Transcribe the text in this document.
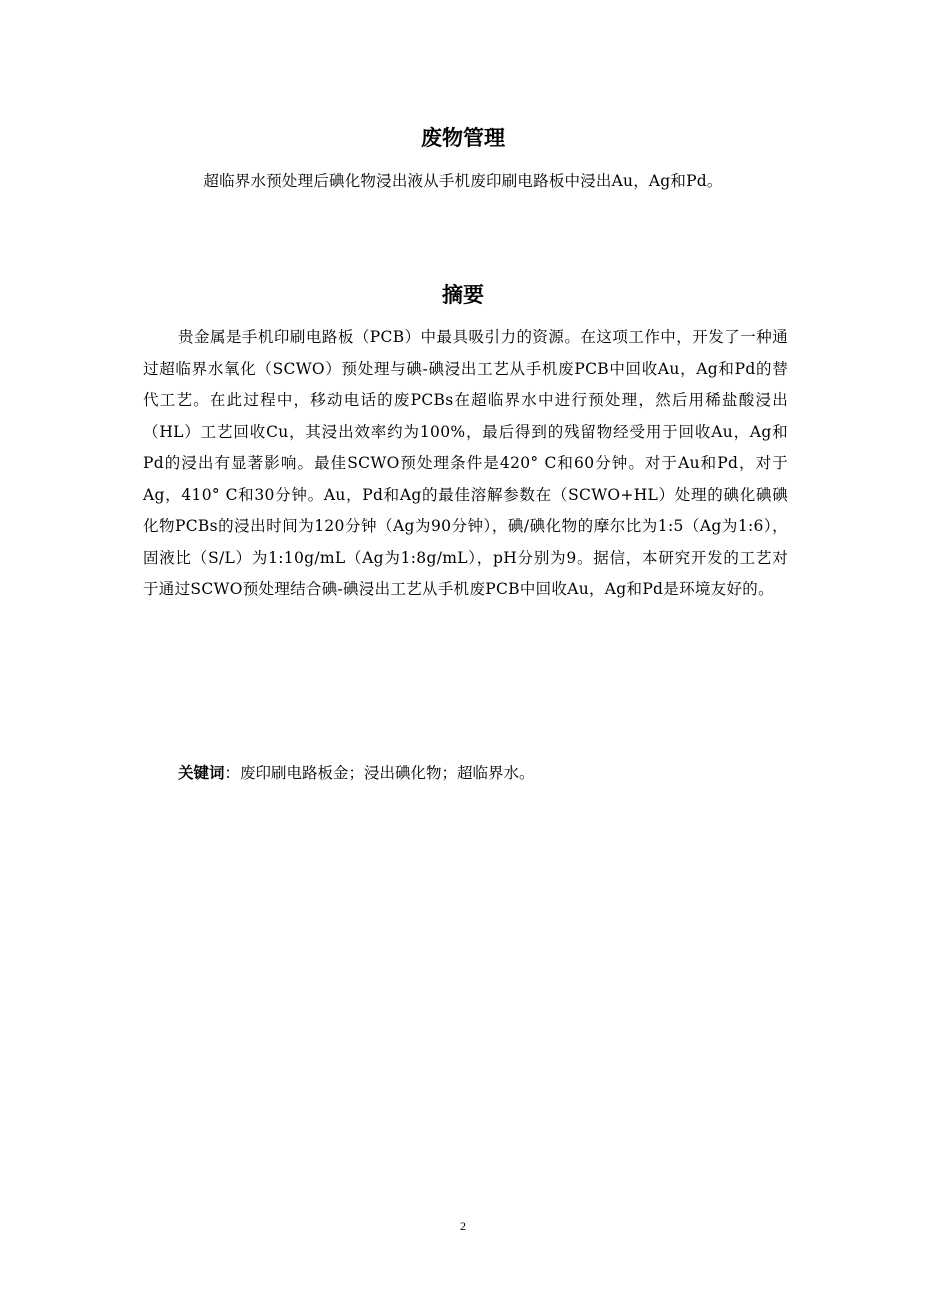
废物管理
超临界水预处理后碘化物浸出液从手机废印刷电路板中浸出Au，Ag和Pd。
摘要

贵金属是手机印刷电路板（PCB）中最具吸引力的资源。在这项工作中，开发了一种通过超临界水氧化（SCWO）预处理与碘-碘浸出工艺从手机废PCB中回收Au，Ag和Pd的替代工艺。在此过程中，移动电话的废PCBs在超临界水中进行预处理，然后用稀盐酸浸出（HL）工艺回收Cu，其浸出效率约为100%，最后得到的残留物经受用于回收Au，Ag和Pd的浸出有显著影响。最佳SCWO预处理条件是420° C和60分钟。对于Au和Pd，对于Ag，410° C和30分钟。Au，Pd和Ag的最佳溶解参数在（SCWO+HL）处理的碘化碘碘化物PCBs的浸出时间为120分钟（Ag为90分钟），碘/碘化物的摩尔比为1:5（Ag为1:6），固液比（S/L）为1:10g/mL（Ag为1:8g/mL），pH分别为9。据信，本研究开发的工艺对于通过SCWO预处理结合碘-碘浸出工艺从手机废PCB中回收Au，Ag和Pd是环境友好的。

关键词：废印刷电路板金；浸出碘化物；超临界水。
2
